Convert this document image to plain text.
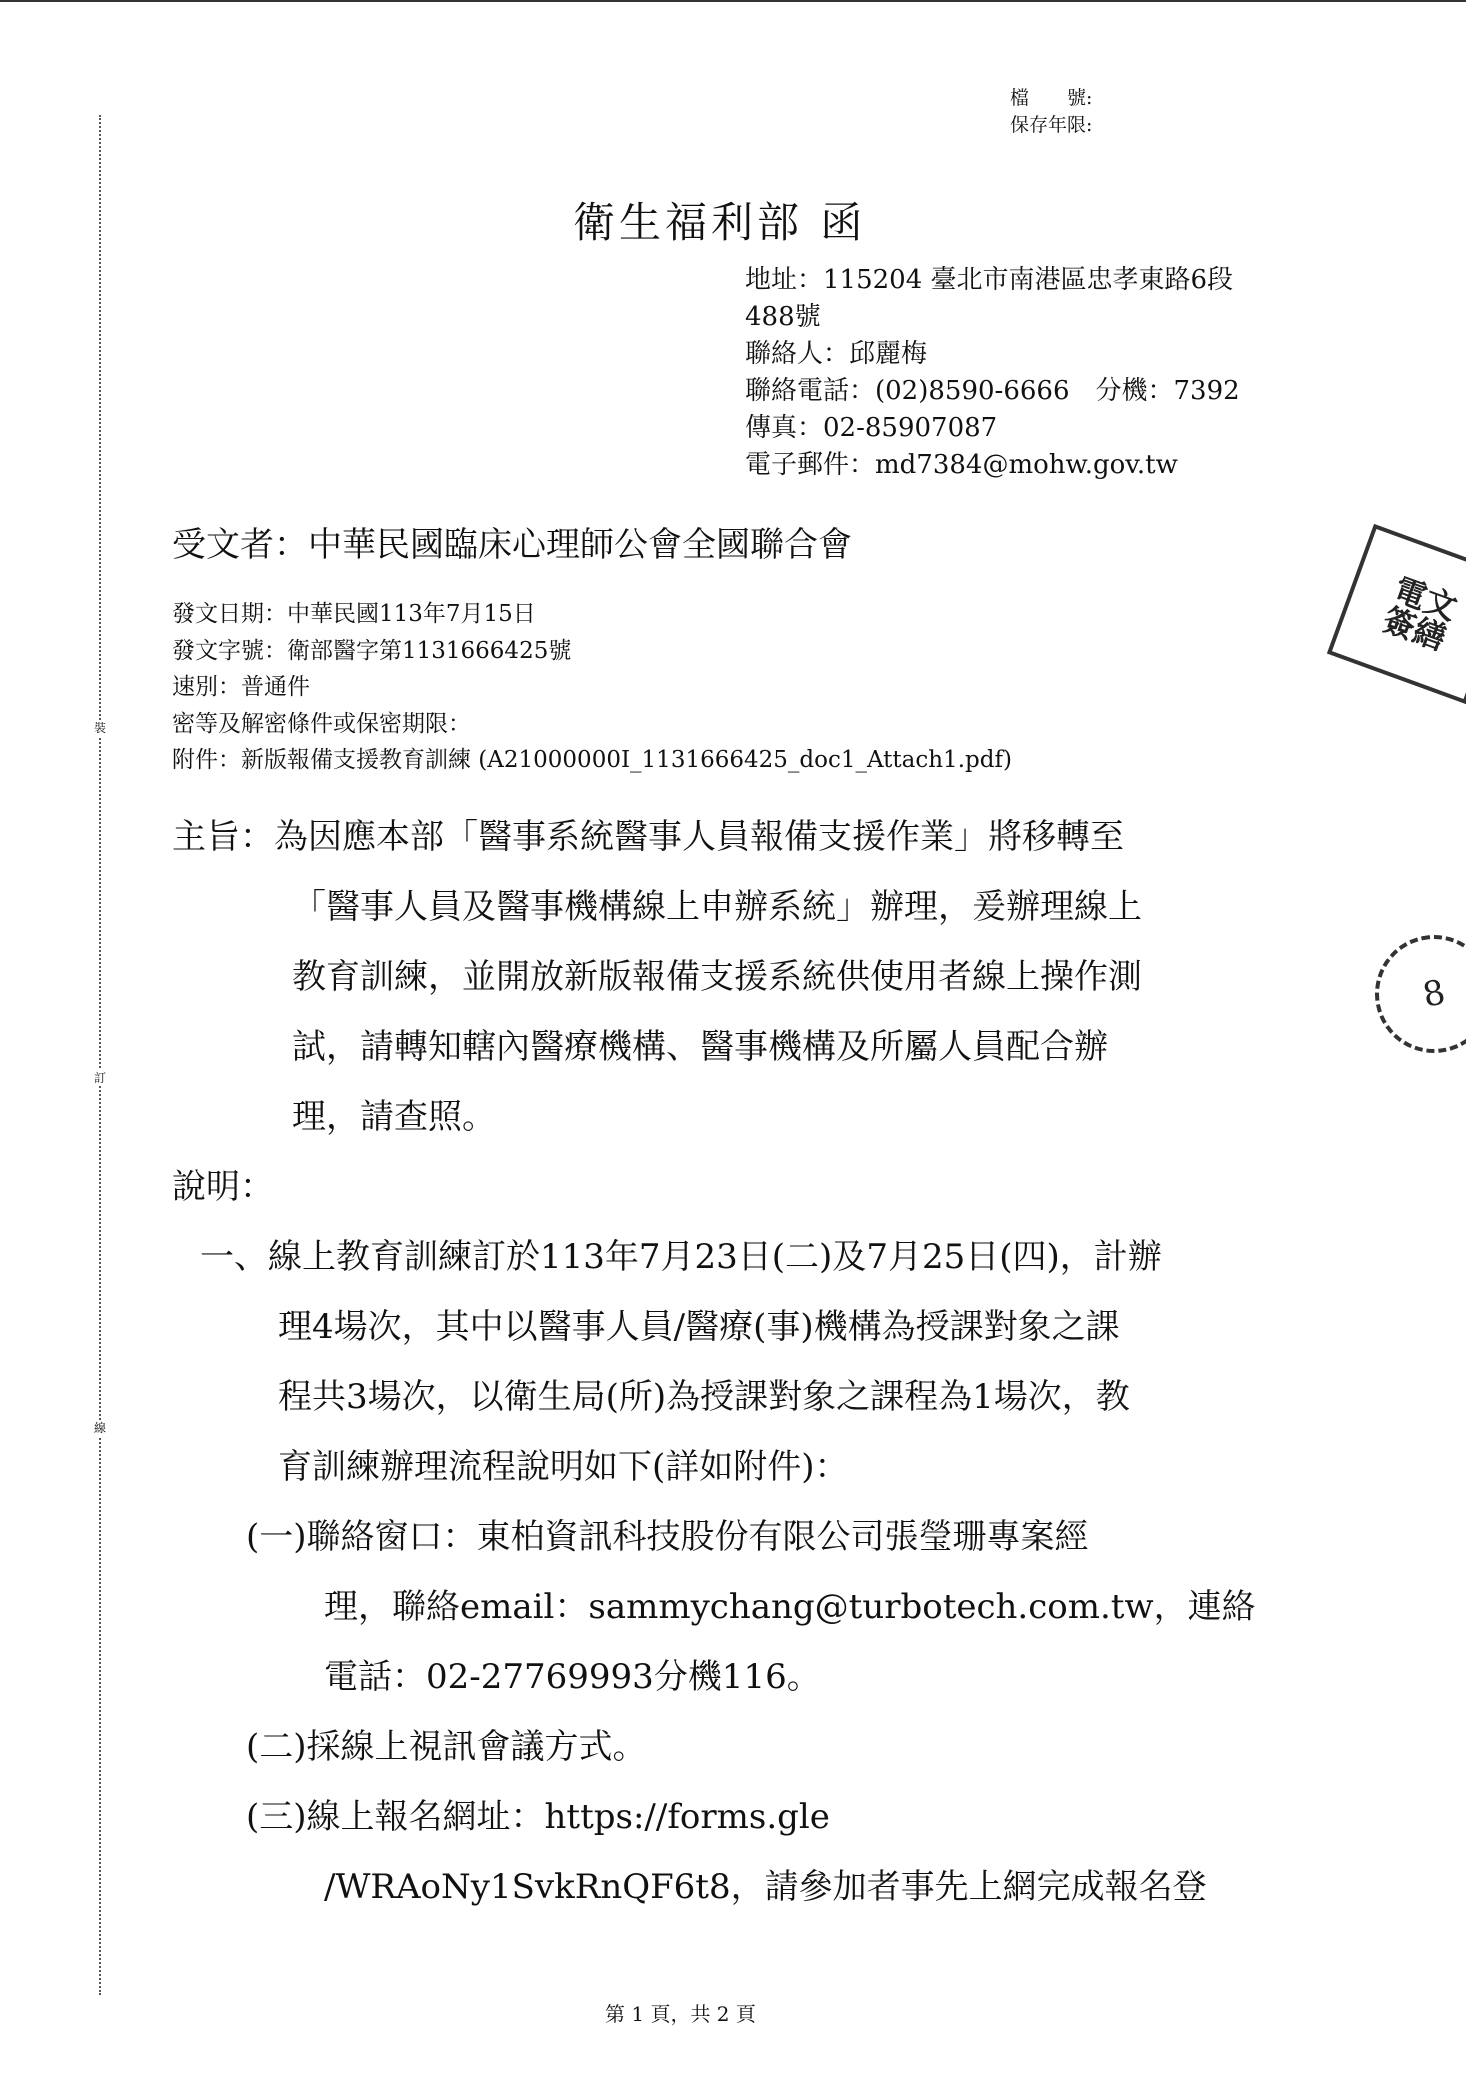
裝
訂
線
檔　　號:
保存年限:
衛生福利部 函
地址：115204 臺北市南港區忠孝東路6段
488號
聯絡人：邱麗梅
聯絡電話：(02)8590-6666　分機：7392
傳真：02-85907087
電子郵件：md7384@mohw.gov.tw
受文者：中華民國臨床心理師公會全國聯合會
發文日期：中華民國113年7月15日
發文字號：衛部醫字第1131666425號
速別：普通件
密等及解密條件或保密期限：
附件：新版報備支援教育訓練 (A21000000I_1131666425_doc1_Attach1.pdf)
主旨：為因應本部「醫事系統醫事人員報備支援作業」將移轉至
「醫事人員及醫事機構線上申辦系統」辦理，爰辦理線上
教育訓練，並開放新版報備支援系統供使用者線上操作測
試，請轉知轄內醫療機構、醫事機構及所屬人員配合辦
理，請查照。
說明：
一、線上教育訓練訂於113年7月23日(二)及7月25日(四)，計辦
理4場次，其中以醫事人員/醫療(事)機構為授課對象之課
程共3場次，以衛生局(所)為授課對象之課程為1場次，教
育訓練辦理流程說明如下(詳如附件)：
(一)聯絡窗口：東柏資訊科技股份有限公司張瑩珊專案經
理，聯絡email：sammychang@turbotech.com.tw，連絡
電話：02-27769993分機116。
(二)採線上視訊會議方式。
(三)線上報名網址：https://forms.gle
/WRAoNy1SvkRnQF6t8，請參加者事先上網完成報名登
電文簽繕
8
第 1 頁，共 2 頁
